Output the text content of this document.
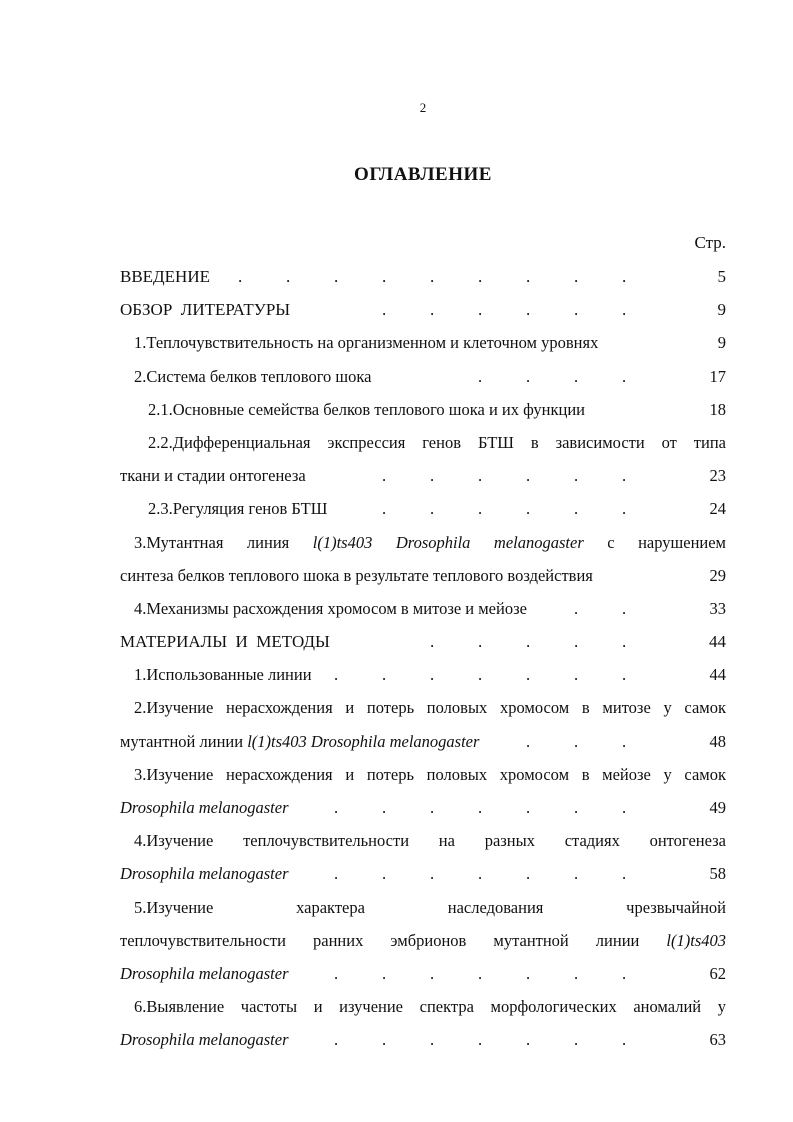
2
ОГЛАВЛЕНИЕ
Стр.
ВВЕДЕНИЕ .	.	.	.	.	.	.	.	.	5
ОБЗОР  ЛИТЕРАТУРЫ	.	.	.	.	.	.	9
1.Теплочувствительность на организменном и клеточном уровнях	9
2.Система белков теплового шока	.	.	.	.	17
2.1.Основные семейства белков теплового шока и их функции	18
2.2.Дифференциальная экспрессия генов БТШ в зависимости от типа
ткани и стадии онтогенеза	.	.	.	.	.	.	23
2.3.Регуляция генов БТШ	.	.	.	.	.	.	24
3.Мутантная линия l(1)ts403 Drosophila melanogaster с нарушением
синтеза белков теплового шока в результате теплового воздействия	29
4.Механизмы расхождения хромосом в митозе и мейозе	.	.	33
МАТЕРИАЛЫ  И  МЕТОДЫ	.	.	.	.	.	44
1.Использованные линии .	.	.	.	.	.	.	44
2.Изучение нерасхождения и потерь половых хромосом в митозе у самок
мутантной линии l(1)ts403 Drosophila melanogaster	.	.	.	48
3.Изучение нерасхождения и потерь половых хромосом в мейозе у самок
Drosophila melanogaster	.	.	.	.	.	.	.	49
4.Изучение теплочувствительности на разных стадиях онтогенеза
Drosophila melanogaster	.	.	.	.	.	.	.	58
5.Изучение характера наследования чрезвычайной
теплочувствительности ранних эмбрионов мутантной линии l(1)ts403
Drosophila melanogaster	.	.	.	.	.	.	.	62
6.Выявление частоты и изучение спектра морфологических аномалий у
Drosophila melanogaster	.	.	.	.	.	.	.	63
